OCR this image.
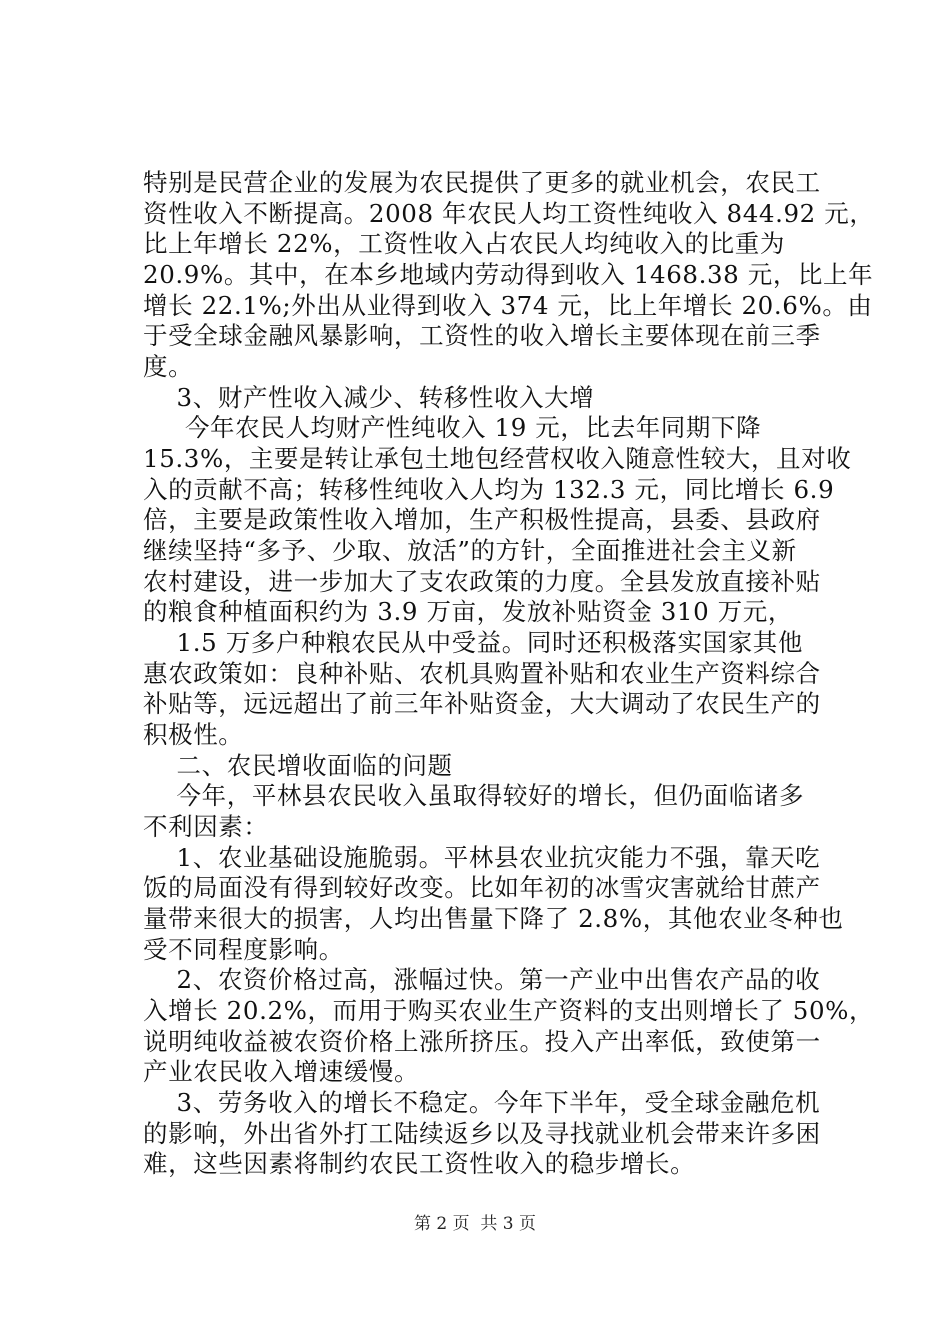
特别是民营企业的发展为农民提供了更多的就业机会，农民工
资性收入不断提高。2008 年农民人均工资性纯收入 844.92 元，
比上年增长 22%，工资性收入占农民人均纯收入的比重为
20.9%。其中，在本乡地域内劳动得到收入 1468.38 元，比上年
增长 22.1%;外出从业得到收入 374 元，比上年增长 20.6%。由
于受全球金融风暴影响，工资性的收入增长主要体现在前三季
度。
3、财产性收入减少、转移性收入大增
今年农民人均财产性纯收入 19 元，比去年同期下降
15.3%，主要是转让承包土地包经营权收入随意性较大，且对收
入的贡献不高；转移性纯收入人均为 132.3 元，同比增长 6.9
倍，主要是政策性收入增加，生产积极性提高，县委、县政府
继续坚持“多予、少取、放活”的方针，全面推进社会主义新
农村建设，进一步加大了支农政策的力度。全县发放直接补贴
的粮食种植面积约为 3.9 万亩，发放补贴资金 310 万元，
1.5 万多户种粮农民从中受益。同时还积极落实国家其他
惠农政策如：良种补贴、农机具购置补贴和农业生产资料综合
补贴等，远远超出了前三年补贴资金，大大调动了农民生产的
积极性。
二、农民增收面临的问题
今年，平林县农民收入虽取得较好的增长，但仍面临诸多
不利因素：
1、农业基础设施脆弱。平林县农业抗灾能力不强，靠天吃
饭的局面没有得到较好改变。比如年初的冰雪灾害就给甘蔗产
量带来很大的损害，人均出售量下降了 2.8%，其他农业冬种也
受不同程度影响。
2、农资价格过高，涨幅过快。第一产业中出售农产品的收
入增长 20.2%，而用于购买农业生产资料的支出则增长了 50%，
说明纯收益被农资价格上涨所挤压。投入产出率低，致使第一
产业农民收入增速缓慢。
3、劳务收入的增长不稳定。今年下半年，受全球金融危机
的影响，外出省外打工陆续返乡以及寻找就业机会带来许多困
难，这些因素将制约农民工资性收入的稳步增长。
第 2 页  共 3 页
